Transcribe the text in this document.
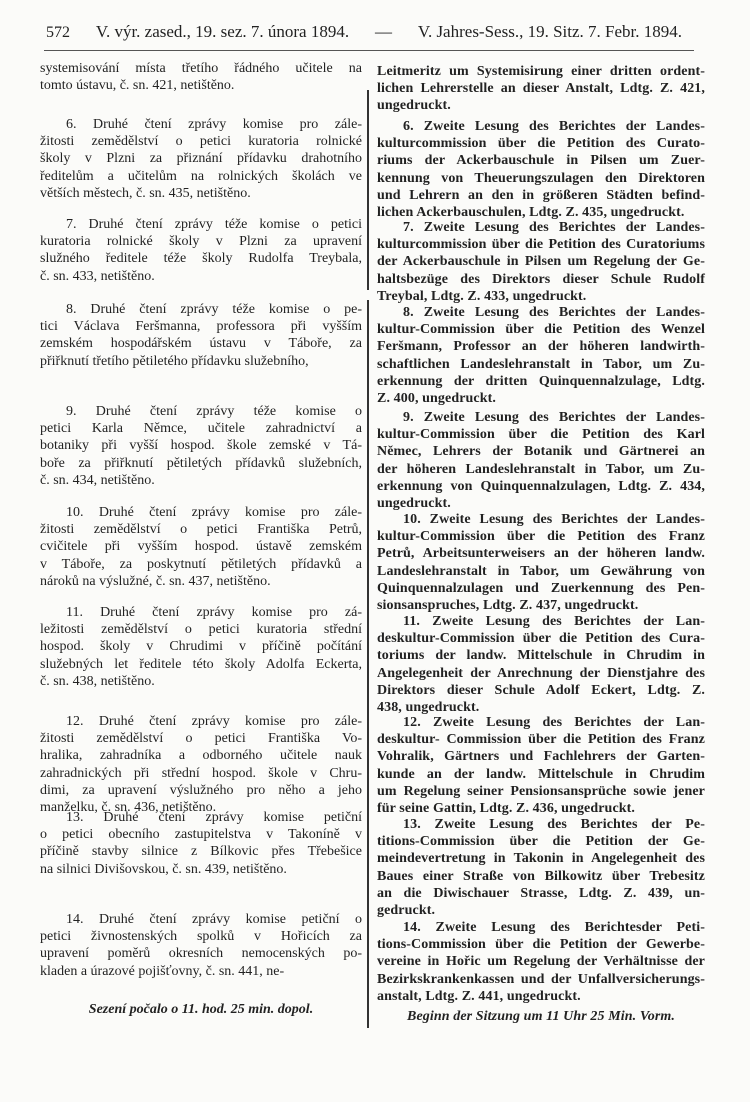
572 V. výr. zased., 19. sez. 7. února 1894. — V. Jahres-Sess., 19. Sitz. 7. Febr. 1894.
systemisování místa třetího řádného učitele na
tomto ústavu, č. sn. 421, netištěno.
6. Druhé čtení zprávy komise pro zále-
žitosti zemědělství o petici kuratoria rolnické
školy v Plzni za přiznání přídavku drahotního
ředitelům a učitelům na rolnických školách ve
větších městech, č. sn. 435, netištěno.
7. Druhé čtení zprávy téže komise o petici
kuratoria rolnické školy v Plzni za upravení
služného ředitele téže školy Rudolfa Treybala,
č. sn. 433, netištěno.
8. Druhé čtení zprávy téže komise o pe-
tici Václava Feršmanna, professora při vyšším
zemském hospodářském ústavu v Táboře, za
přiřknutí třetího pětiletého přídavku služebního,
9. Druhé čtení zprávy téže komise o
petici Karla Němce, učitele zahradnictví a
botaniky při vyšší hospod. škole zemské v Tá-
boře za přiřknutí pětiletých přídavků služebních,
č. sn. 434, netištěno.
10. Druhé čtení zprávy komise pro zále-
žitosti zemědělství o petici Františka Petrů,
cvičitele při vyšším hospod. ústavě zemském
v Táboře, za poskytnutí pětiletých přídavků a
nároků na výslužné, č. sn. 437, netištěno.
11. Druhé čtení zprávy komise pro zá-
ležitosti zemědělství o petici kuratoria střední
hospod. školy v Chrudimi v příčině počítání
služebných let ředitele této školy Adolfa Eckerta,
č. sn. 438, netištěno.
12. Druhé čtení zprávy komise pro zále-
žitosti zemědělství o petici Františka Vo-
hralika, zahradníka a odborného učitele nauk
zahradnických při střední hospod. škole v Chru-
dimi, za upravení výslužného pro něho a jeho
manželku, č. sn. 436, netištěno.
13. Druhé čtení zprávy komise petiční
o petici obecního zastupitelstva v Takoníně v
příčině stavby silnice z Bílkovic přes Třebešice
na silnici Divišovskou, č. sn. 439, netištěno.
14. Druhé čtení zprávy komise petiční o
petici živnostenských spolků v Hořicích za
upravení poměrů okresních nemocenských po-
kladen a úrazové pojišťovny, č. sn. 441, ne-
Sezení počalo o 11. hod. 25 min. dopol.
Leitmeritz um Systemisirung einer dritten ordent-
lichen Lehrerstelle an dieser Anstalt, Ldtg. Z. 421,
ungedruckt.
6. Zweite Lesung des Berichtes der Landes-
kulturcommission über die Petition des Curato-
riums der Ackerbauschule in Pilsen um Zuer-
kennung von Theuerungszulagen den Direktoren
und Lehrern an den in größeren Städten befind-
lichen Ackerbauschulen, Ldtg. Z. 435, ungedruckt.
7. Zweite Lesung des Berichtes der Landes-
kulturcommission über die Petition des Curatoriums
der Ackerbauschule in Pilsen um Regelung der Ge-
haltsbezüge des Direktors dieser Schule Rudolf
Treybal, Ldtg. Z. 433, ungedruckt.
8. Zweite Lesung des Berichtes der Landes-
kultur-Commission über die Petition des Wenzel
Feršmann, Professor an der höheren landwirth-
schaftlichen Landeslehranstalt in Tabor, um Zu-
erkennung der dritten Quinquennalzulage, Ldtg.
Z. 400, ungedruckt.
9. Zweite Lesung des Berichtes der Landes-
kultur-Commission über die Petition des Karl
Němec, Lehrers der Botanik und Gärtnerei an
der höheren Landeslehranstalt in Tabor, um Zu-
erkennung von Quinquennalzulagen, Ldtg. Z. 434,
ungedruckt.
10. Zweite Lesung des Berichtes der Landes-
kultur-Commission über die Petition des Franz
Petrů, Arbeitsunterweisers an der höheren landw.
Landeslehranstalt in Tabor, um Gewährung von
Quinquennalzulagen und Zuerkennung des Pen-
sionsanspruches, Ldtg. Z. 437, ungedruckt.
11. Zweite Lesung des Berichtes der Lan-
deskultur-Commission über die Petition des Cura-
toriums der landw. Mittelschule in Chrudim in
Angelegenheit der Anrechnung der Dienstjahre des
Direktors dieser Schule Adolf Eckert, Ldtg. Z.
438, ungedruckt.
12. Zweite Lesung des Berichtes der Lan-
deskultur- Commission über die Petition des Franz
Vohralik, Gärtners und Fachlehrers der Garten-
kunde an der landw. Mittelschule in Chrudim
um Regelung seiner Pensionsansprüche sowie jener
für seine Gattin, Ldtg. Z. 436, ungedruckt.
13. Zweite Lesung des Berichtes der Pe-
titions-Commission über die Petition der Ge-
meindevertretung in Takonin in Angelegenheit des
Baues einer Straße von Bilkowitz über Trebesitz
an die Diwischauer Strasse, Ldtg. Z. 439, un-
gedruckt.
14. Zweite Lesung des Berichtesder Peti-
tions-Commission über die Petition der Gewerbe-
vereine in Hořic um Regelung der Verhältnisse der
Bezirkskrankenkassen und der Unfallversicherungs-
anstalt, Ldtg. Z. 441, ungedruckt.
Beginn der Sitzung um 11 Uhr 25 Min. Vorm.
